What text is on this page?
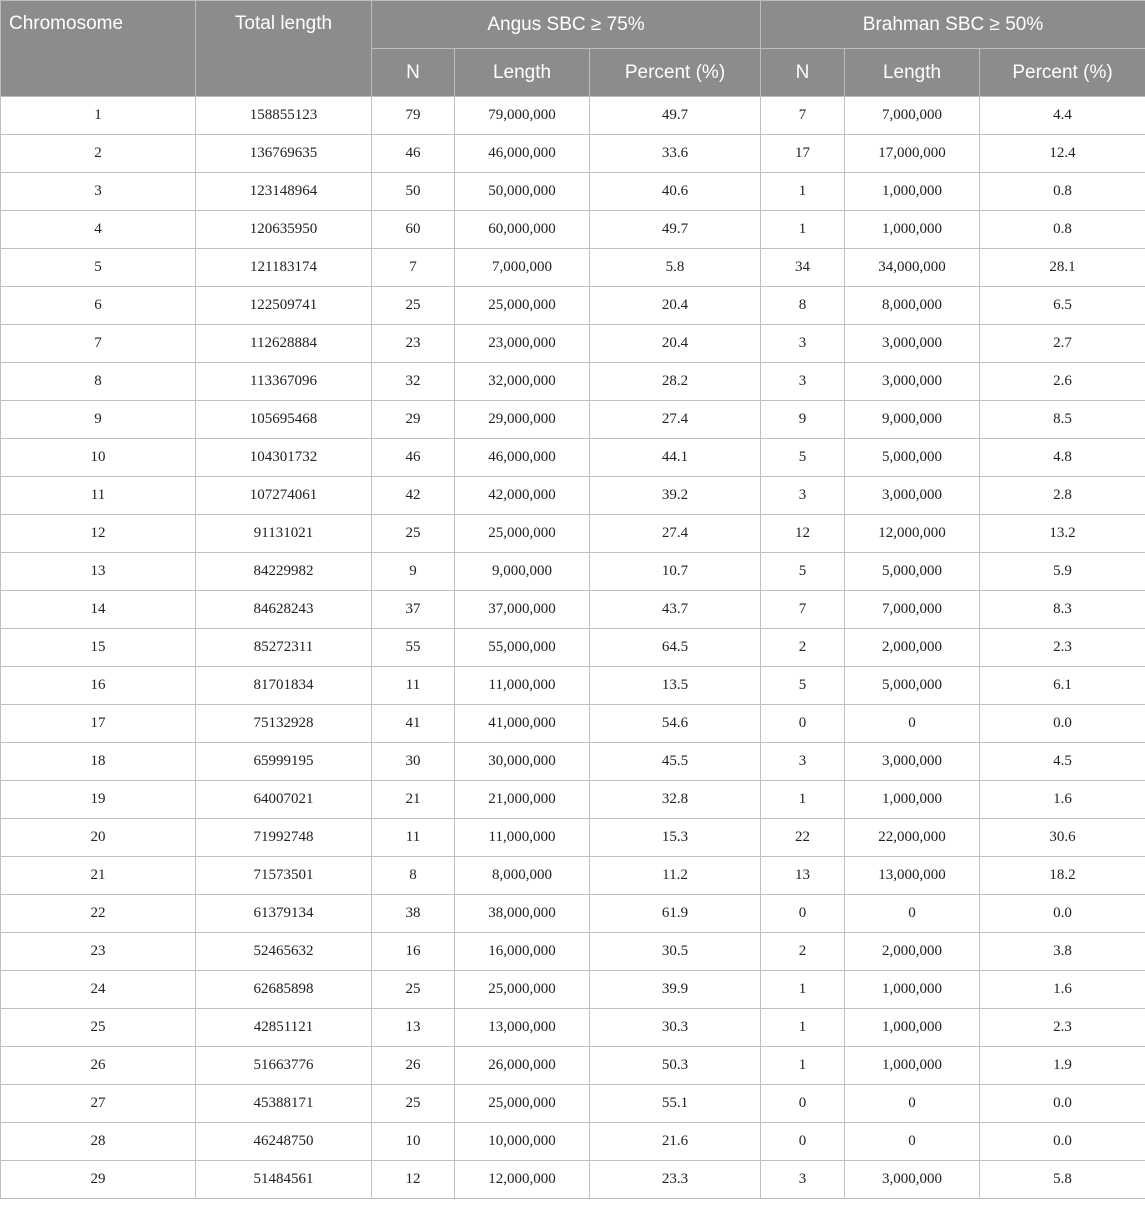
Chromosome	Total length	Angus SBC ≥ 75%			Brahman SBC ≥ 50%		
		N	Length	Percent (%)	N	Length	Percent (%)
1	158855123	79	79,000,000	49.7	7	7,000,000	4.4
2	136769635	46	46,000,000	33.6	17	17,000,000	12.4
3	123148964	50	50,000,000	40.6	1	1,000,000	0.8
4	120635950	60	60,000,000	49.7	1	1,000,000	0.8
5	121183174	7	7,000,000	5.8	34	34,000,000	28.1
6	122509741	25	25,000,000	20.4	8	8,000,000	6.5
7	112628884	23	23,000,000	20.4	3	3,000,000	2.7
8	113367096	32	32,000,000	28.2	3	3,000,000	2.6
9	105695468	29	29,000,000	27.4	9	9,000,000	8.5
10	104301732	46	46,000,000	44.1	5	5,000,000	4.8
11	107274061	42	42,000,000	39.2	3	3,000,000	2.8
12	91131021	25	25,000,000	27.4	12	12,000,000	13.2
13	84229982	9	9,000,000	10.7	5	5,000,000	5.9
14	84628243	37	37,000,000	43.7	7	7,000,000	8.3
15	85272311	55	55,000,000	64.5	2	2,000,000	2.3
16	81701834	11	11,000,000	13.5	5	5,000,000	6.1
17	75132928	41	41,000,000	54.6	0	0	0.0
18	65999195	30	30,000,000	45.5	3	3,000,000	4.5
19	64007021	21	21,000,000	32.8	1	1,000,000	1.6
20	71992748	11	11,000,000	15.3	22	22,000,000	30.6
21	71573501	8	8,000,000	11.2	13	13,000,000	18.2
22	61379134	38	38,000,000	61.9	0	0	0.0
23	52465632	16	16,000,000	30.5	2	2,000,000	3.8
24	62685898	25	25,000,000	39.9	1	1,000,000	1.6
25	42851121	13	13,000,000	30.3	1	1,000,000	2.3
26	51663776	26	26,000,000	50.3	1	1,000,000	1.9
27	45388171	25	25,000,000	55.1	0	0	0.0
28	46248750	10	10,000,000	21.6	0	0	0.0
29	51484561	12	12,000,000	23.3	3	3,000,000	5.8
